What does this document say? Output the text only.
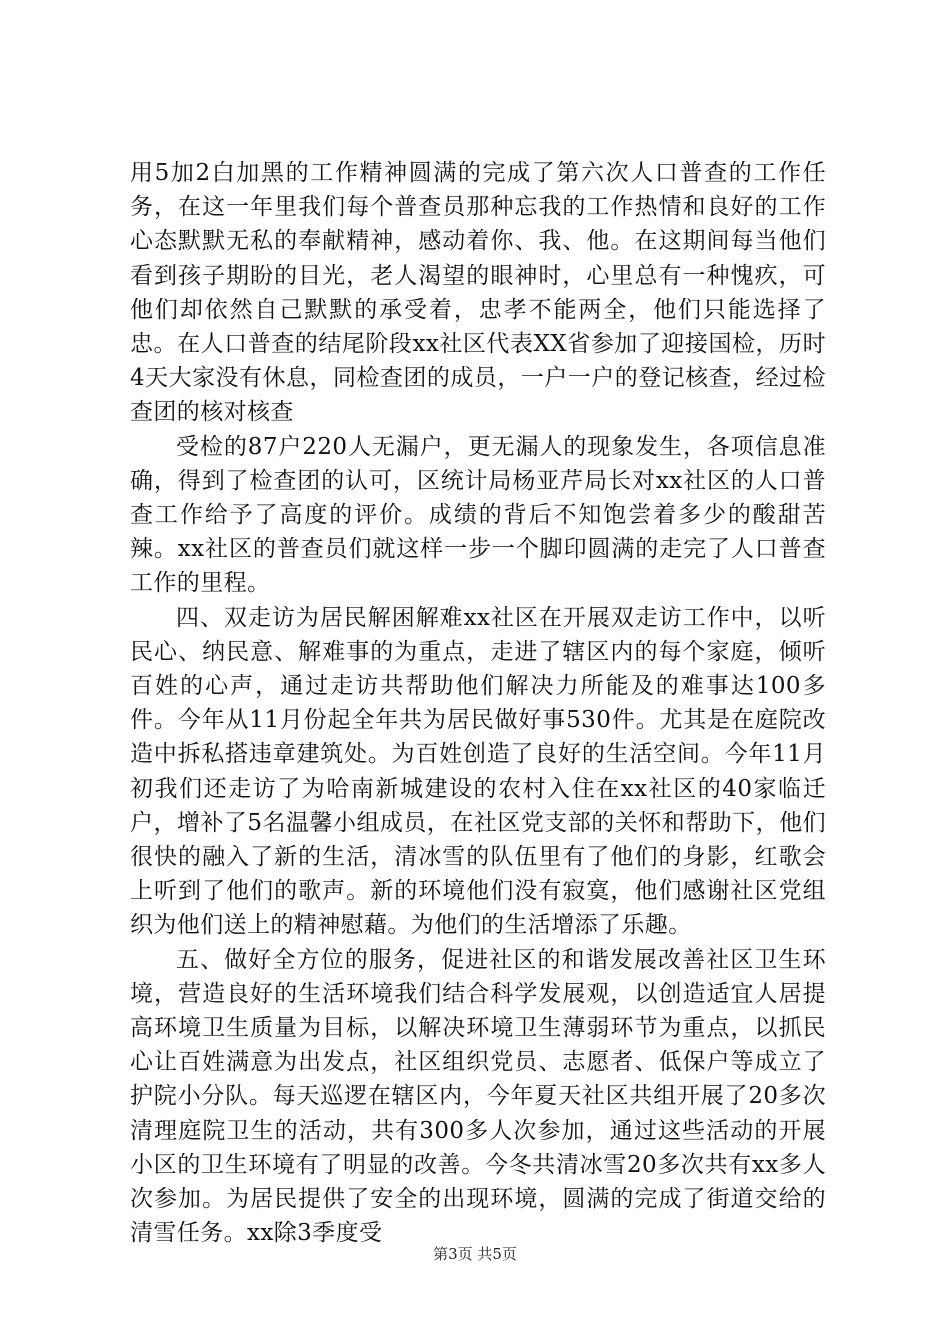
用5加2白加黑的工作精神圆满的完成了第六次人口普查的工作任务，在这一年里我们每个普查员那种忘我的工作热情和良好的工作心态默默无私的奉献精神，感动着你、我、他。在这期间每当他们看到孩子期盼的目光，老人渴望的眼神时，心里总有一种愧疚，可他们却依然自己默默的承受着，忠孝不能两全，他们只能选择了忠。在人口普查的结尾阶段xx社区代表XX省参加了迎接国检，历时4天大家没有休息，同检查团的成员，一户一户的登记核查，经过检查团的核对核查

受检的87户220人无漏户，更无漏人的现象发生，各项信息准确，得到了检查团的认可，区统计局杨亚芹局长对xx社区的人口普查工作给予了高度的评价。成绩的背后不知饱尝着多少的酸甜苦辣。xx社区的普查员们就这样一步一个脚印圆满的走完了人口普查工作的里程。

四、双走访为居民解困解难xx社区在开展双走访工作中，以听民心、纳民意、解难事的为重点，走进了辖区内的每个家庭，倾听百姓的心声，通过走访共帮助他们解决力所能及的难事达100多件。今年从11月份起全年共为居民做好事530件。尤其是在庭院改造中拆私搭违章建筑处。为百姓创造了良好的生活空间。今年11月初我们还走访了为哈南新城建设的农村入住在xx社区的40家临迁户，增补了5名温馨小组成员，在社区党支部的关怀和帮助下，他们很快的融入了新的生活，清冰雪的队伍里有了他们的身影，红歌会上听到了他们的歌声。新的环境他们没有寂寞，他们感谢社区党组织为他们送上的精神慰藉。为他们的生活增添了乐趣。

五、做好全方位的服务，促进社区的和谐发展改善社区卫生环境，营造良好的生活环境我们结合科学发展观，以创造适宜人居提高环境卫生质量为目标，以解决环境卫生薄弱环节为重点，以抓民心让百姓满意为出发点，社区组织党员、志愿者、低保户等成立了护院小分队。每天巡逻在辖区内，今年夏天社区共组开展了20多次清理庭院卫生的活动，共有300多人次参加，通过这些活动的开展小区的卫生环境有了明显的改善。今冬共清冰雪20多次共有xx多人次参加。为居民提供了安全的出现环境，圆满的完成了街道交给的清雪任务。xx除3季度受

第3页 共5页
